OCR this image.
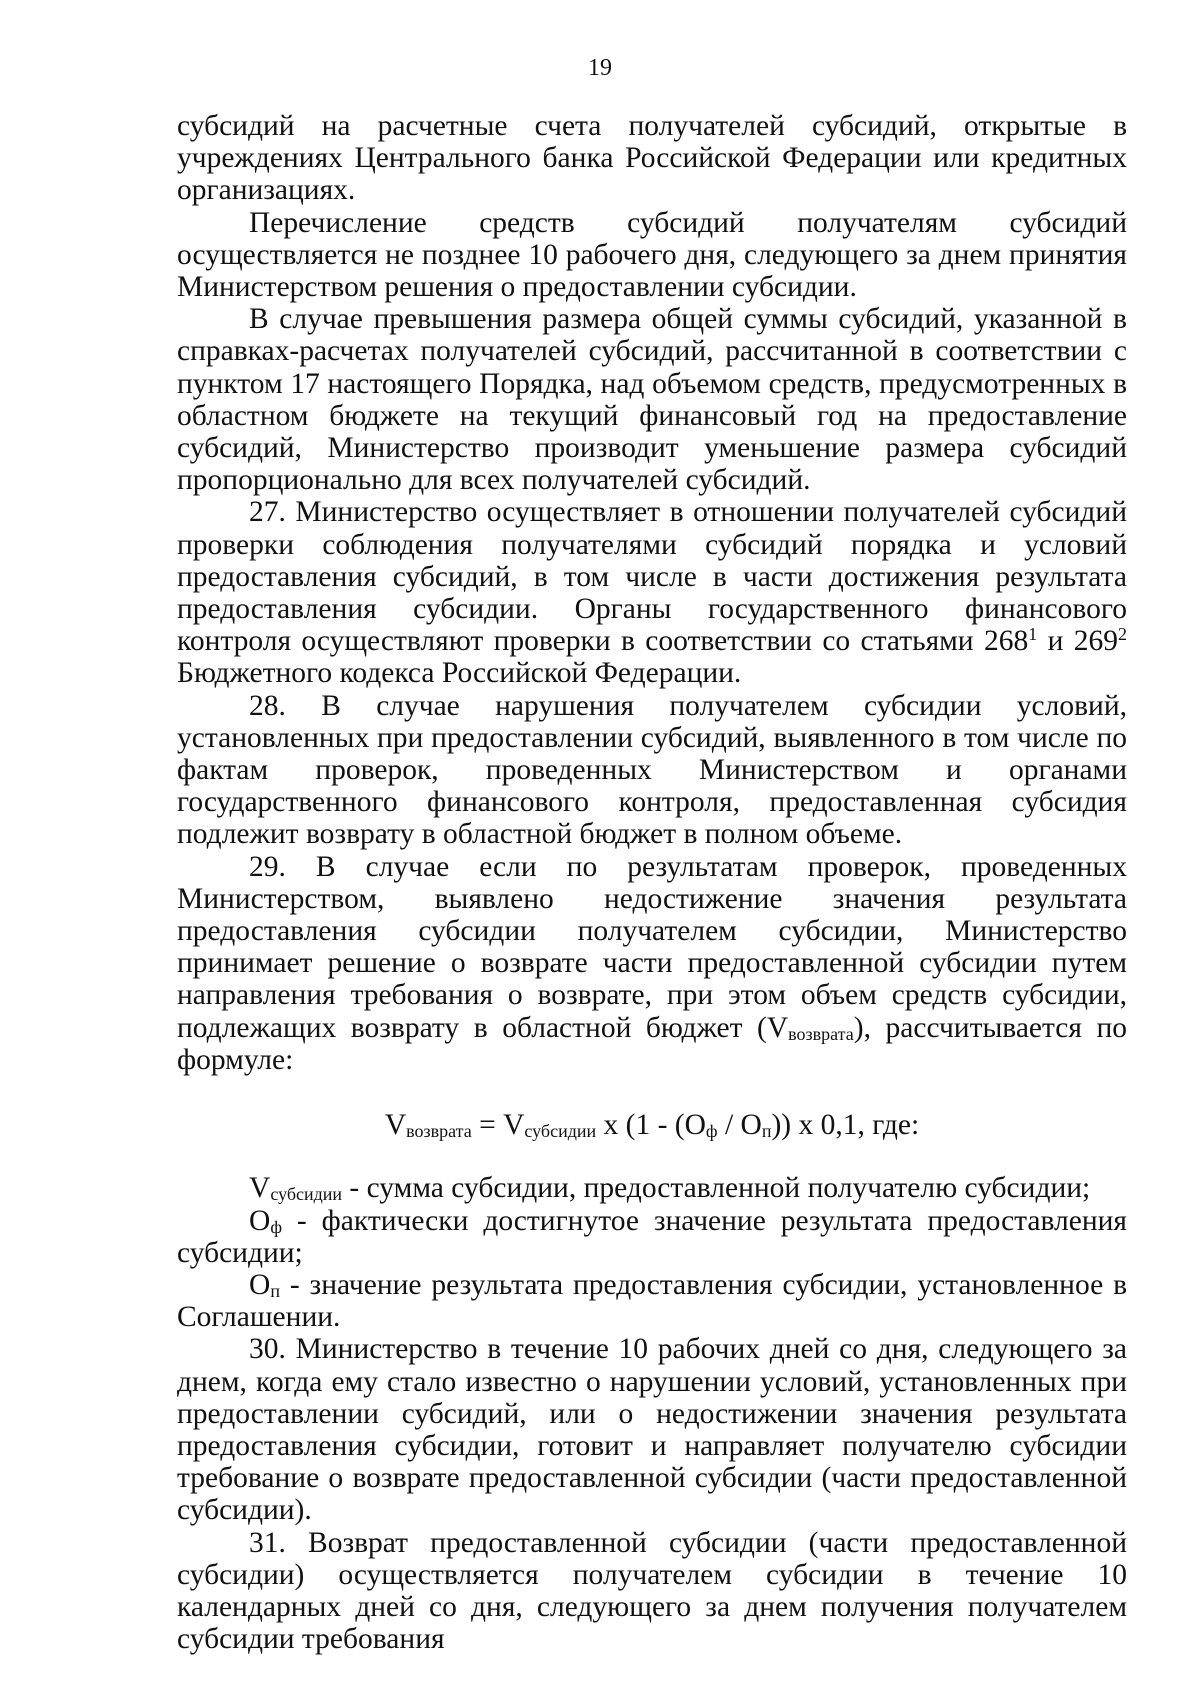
19

субсидий на расчетные счета получателей субсидий, открытые в учреждениях Центрального банка Российской Федерации или кредитных организациях.

Перечисление средств субсидий получателям субсидий осуществляется не позднее 10 рабочего дня, следующего за днем принятия Министерством решения о предоставлении субсидии.

В случае превышения размера общей суммы субсидий, указанной в справках-расчетах получателей субсидий, рассчитанной в соответствии с пунктом 17 настоящего Порядка, над объемом средств, предусмотренных в областном бюджете на текущий финансовый год на предоставление субсидий, Министерство производит уменьшение размера субсидий пропорционально для всех получателей субсидий.

27. Министерство осуществляет в отношении получателей субсидий проверки соблюдения получателями субсидий порядка и условий предоставления субсидий, в том числе в части достижения результата предоставления субсидии. Органы государственного финансового контроля осуществляют проверки в соответствии со статьями $268^1$ и $269^2$ Бюджетного кодекса Российской Федерации.

28. В случае нарушения получателем субсидии условий, установленных при предоставлении субсидий, выявленного в том числе по фактам проверок, проведенных Министерством и органами государственного финансового контроля, предоставленная субсидия подлежит возврату в областной бюджет в полном объеме.

29. В случае если по результатам проверок, проведенных Министерством, выявлено недостижение значения результата предоставления субсидии получателем субсидии, Министерство принимает решение о возврате части предоставленной субсидии путем направления требования о возврате, при этом объем средств субсидии, подлежащих возврату в областной бюджет $(V_{возврата})$, рассчитывается по формуле:

$V_{возврата} = V_{субсидии}$ х $(1 - (О_ф / О_п))$ х 0,1, где:

$V_{субсидии}$ - сумма субсидии, предоставленной получателю субсидии;

$О_ф$ - фактически достигнутое значение результата предоставления субсидии;

$О_п$ - значение результата предоставления субсидии, установленное в Соглашении.

30. Министерство в течение 10 рабочих дней со дня, следующего за днем, когда ему стало известно о нарушении условий, установленных при предоставлении субсидий, или о недостижении значения результата предоставления субсидии, готовит и направляет получателю субсидии требование о возврате предоставленной субсидии (части предоставленной субсидии).

31. Возврат предоставленной субсидии (части предоставленной субсидии) осуществляется получателем субсидии в течение 10 календарных дней со дня, следующего за днем получения получателем субсидии требования
